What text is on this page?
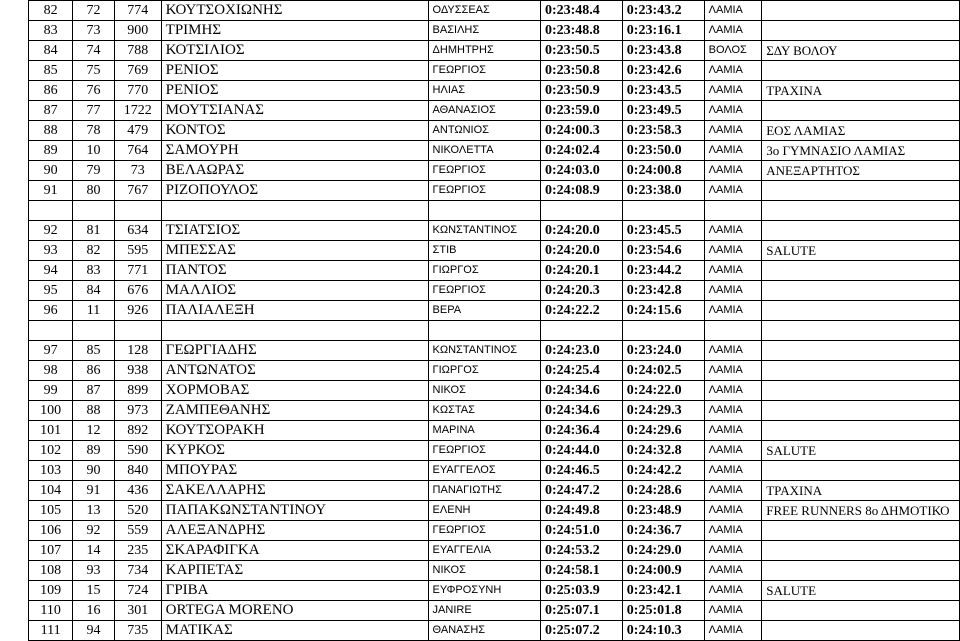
82	72	774	ΚΟΥΤΣΟΧΙΩΝΗΣ	ΟΔΥΣΣΕΑΣ	0:23:48.4	0:23:43.2	ΛΑΜΙΑ	
83	73	900	ΤΡΙΜΗΣ	ΒΑΣΙΛΗΣ	0:23:48.8	0:23:16.1	ΛΑΜΙΑ	
84	74	788	ΚΟΤΣΙΛΙΟΣ	ΔΗΜΗΤΡΗΣ	0:23:50.5	0:23:43.8	ΒΟΛΟΣ	ΣΔΥ ΒΟΛΟΥ
85	75	769	ΡΕΝΙΟΣ	ΓΕΩΡΓΙΟΣ	0:23:50.8	0:23:42.6	ΛΑΜΙΑ	
86	76	770	ΡΕΝΙΟΣ	ΗΛΙΑΣ	0:23:50.9	0:23:43.5	ΛΑΜΙΑ	ΤΡΑΧΙΝΑ
87	77	1722	ΜΟΥΤΣΙΑΝΑΣ	ΑΘΑΝΑΣΙΟΣ	0:23:59.0	0:23:49.5	ΛΑΜΙΑ	
88	78	479	ΚΟΝΤΟΣ	ΑΝΤΩΝΙΟΣ	0:24:00.3	0:23:58.3	ΛΑΜΙΑ	ΕΟΣ ΛΑΜΙΑΣ
89	10	764	ΣΑΜΟΥΡΗ	ΝΙΚΟΛΕΤΤΑ	0:24:02.4	0:23:50.0	ΛΑΜΙΑ	3ο ΓΥΜΝΑΣΙΟ ΛΑΜΙΑΣ
90	79	73	ΒΕΛΑΩΡΑΣ	ΓΕΩΡΓΙΟΣ	0:24:03.0	0:24:00.8	ΛΑΜΙΑ	ΑΝΕΞΑΡΤΗΤΟΣ
91	80	767	ΡΙΖΟΠΟΥΛΟΣ	ΓΕΩΡΓΙΟΣ	0:24:08.9	0:23:38.0	ΛΑΜΙΑ	

92	81	634	ΤΣΙΑΤΣΙΟΣ	ΚΩΝΣΤΑΝΤΙΝΟΣ	0:24:20.0	0:23:45.5	ΛΑΜΙΑ	
93	82	595	ΜΠΕΣΣΑΣ	ΣΤΙΒ	0:24:20.0	0:23:54.6	ΛΑΜΙΑ	SALUTE
94	83	771	ΠΑΝΤΟΣ	ΓΙΩΡΓΟΣ	0:24:20.1	0:23:44.2	ΛΑΜΙΑ	
95	84	676	ΜΑΛΛΙΟΣ	ΓΕΩΡΓΙΟΣ	0:24:20.3	0:23:42.8	ΛΑΜΙΑ	
96	11	926	ΠΑΛΙΑΛΕΞΗ	ΒΕΡΑ	0:24:22.2	0:24:15.6	ΛΑΜΙΑ	

97	85	128	ΓΕΩΡΓΙΑΔΗΣ	ΚΩΝΣΤΑΝΤΙΝΟΣ	0:24:23.0	0:23:24.0	ΛΑΜΙΑ	
98	86	938	ΑΝΤΩΝΑΤΟΣ	ΓΙΩΡΓΟΣ	0:24:25.4	0:24:02.5	ΛΑΜΙΑ	
99	87	899	ΧΟΡΜΟΒΑΣ	ΝΙΚΟΣ	0:24:34.6	0:24:22.0	ΛΑΜΙΑ	
100	88	973	ΖΑΜΠΕΘΑΝΗΣ	ΚΩΣΤΑΣ	0:24:34.6	0:24:29.3	ΛΑΜΙΑ	
101	12	892	ΚΟΥΤΣΟΡΑΚΗ	ΜΑΡΙΝΑ	0:24:36.4	0:24:29.6	ΛΑΜΙΑ	
102	89	590	ΚΥΡΚΟΣ	ΓΕΩΡΓΙΟΣ	0:24:44.0	0:24:32.8	ΛΑΜΙΑ	SALUTE
103	90	840	ΜΠΟΥΡΑΣ	ΕΥΑΓΓΕΛΟΣ	0:24:46.5	0:24:42.2	ΛΑΜΙΑ	
104	91	436	ΣΑΚΕΛΛΑΡΗΣ	ΠΑΝΑΓΙΩΤΗΣ	0:24:47.2	0:24:28.6	ΛΑΜΙΑ	ΤΡΑΧΙΝΑ
105	13	520	ΠΑΠΑΚΩΝΣΤΑΝΤΙΝΟΥ	ΕΛΕΝΗ	0:24:49.8	0:23:48.9	ΛΑΜΙΑ	FREE RUNNERS 8ο ΔΗΜΟΤΙΚΟ
106	92	559	ΑΛΕΞΑΝΔΡΗΣ	ΓΕΩΡΓΙΟΣ	0:24:51.0	0:24:36.7	ΛΑΜΙΑ	
107	14	235	ΣΚΑΡΑΦΙΓΚΑ	ΕΥΑΓΓΕΛΙΑ	0:24:53.2	0:24:29.0	ΛΑΜΙΑ	
108	93	734	ΚΑΡΠΕΤΑΣ	ΝΙΚΟΣ	0:24:58.1	0:24:00.9	ΛΑΜΙΑ	
109	15	724	ΓΡΙΒΑ	ΕΥΦΡΟΣΥΝΗ	0:25:03.9	0:23:42.1	ΛΑΜΙΑ	SALUTE
110	16	301	ORTEGA MORENO	JANIRE	0:25:07.1	0:25:01.8	ΛΑΜΙΑ	
111	94	735	ΜΑΤΙΚΑΣ	ΘΑΝΑΣΗΣ	0:25:07.2	0:24:10.3	ΛΑΜΙΑ	
